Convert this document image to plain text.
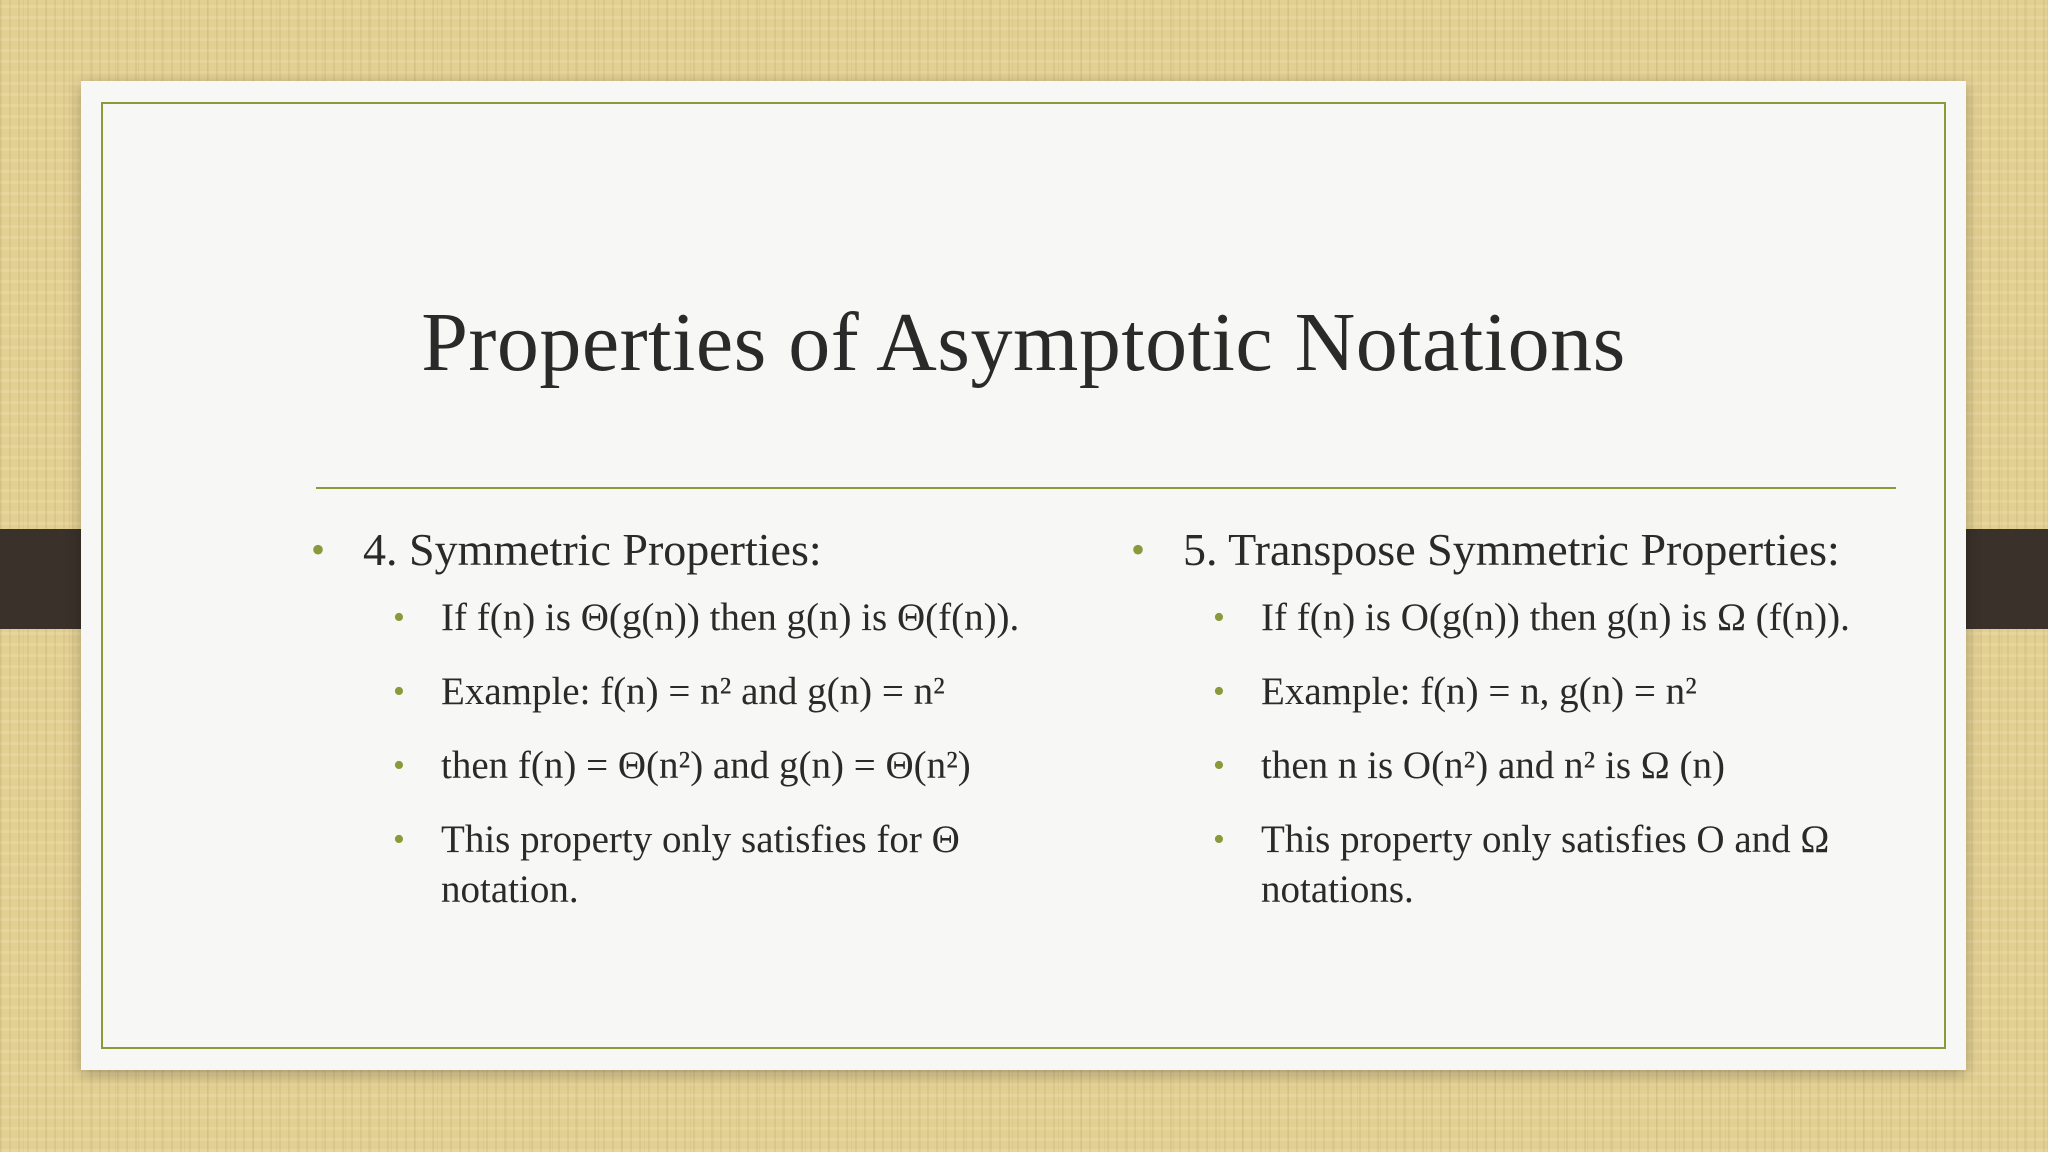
Properties of Asymptotic Notations
• 4. Symmetric Properties:
• If f(n) is Θ(g(n)) then g(n) is Θ(f(n)).
• Example: f(n) = n² and g(n) = n²
• then f(n) = Θ(n²) and g(n) = Θ(n²)
• This property only satisfies for Θ notation.
• 5. Transpose Symmetric Properties:
• If f(n) is O(g(n)) then g(n) is Ω (f(n)).
• Example: f(n) = n, g(n) = n²
• then n is O(n²) and n² is Ω (n)
• This property only satisfies O and Ω notations.
